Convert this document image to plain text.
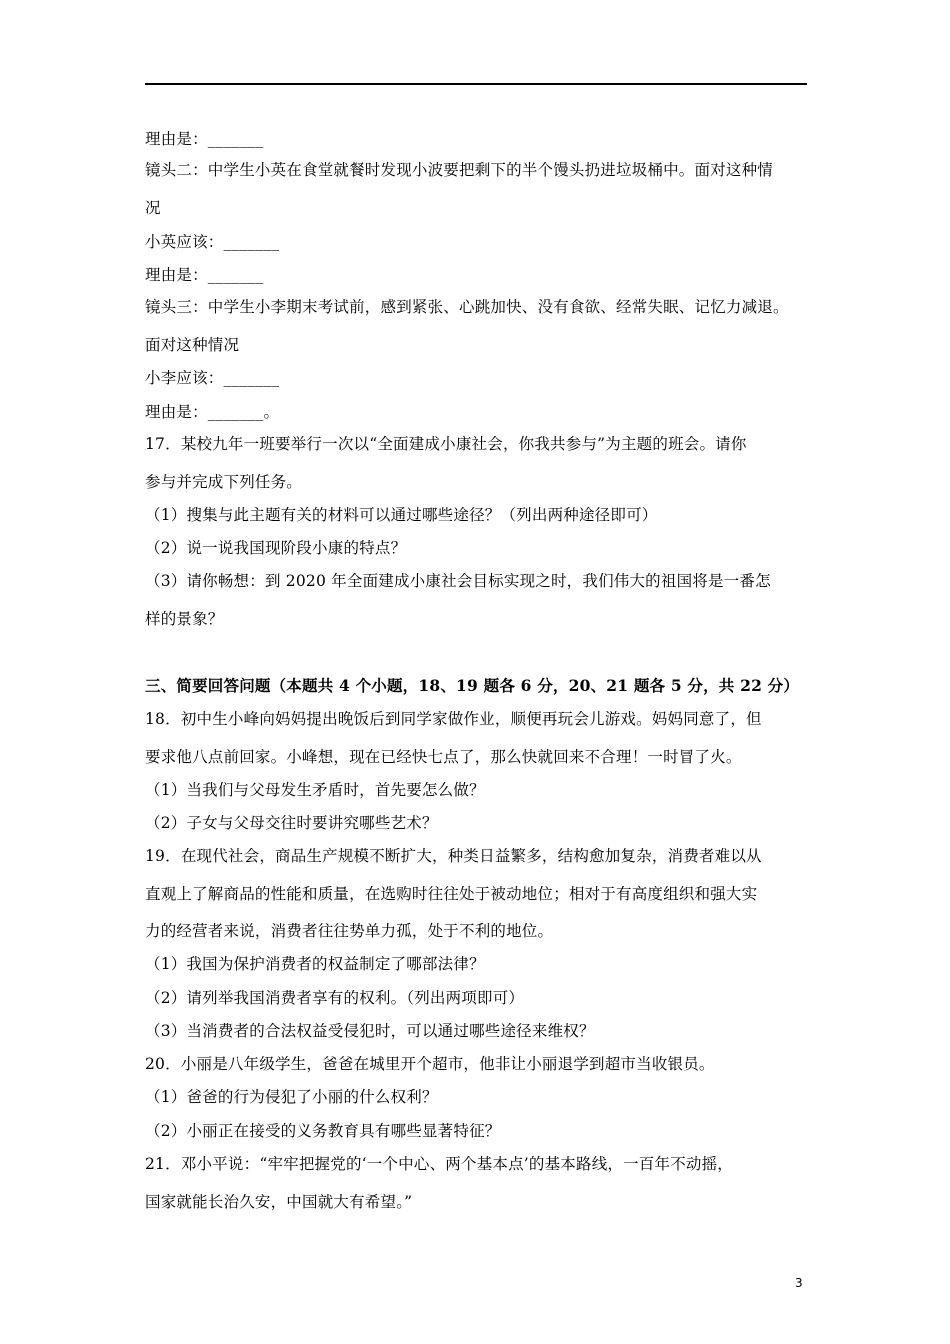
理由是：_______
镜头二：中学生小英在食堂就餐时发现小波要把剩下的半个馒头扔进垃圾桶中。面对这种情
况
小英应该：_______
理由是：_______
镜头三：中学生小李期末考试前，感到紧张、心跳加快、没有食欲、经常失眠、记忆力减退。
面对这种情况
小李应该：_______
理由是：_______。
17．某校九年一班要举行一次以“全面建成小康社会，你我共参与”为主题的班会。请你
参与并完成下列任务。
（1）搜集与此主题有关的材料可以通过哪些途径？（列出两种途径即可）
（2）说一说我国现阶段小康的特点？
（3）请你畅想：到 2020 年全面建成小康社会目标实现之时，我们伟大的祖国将是一番怎
样的景象？
三、简要回答问题（本题共 4 个小题，18、19 题各 6 分，20、21 题各 5 分，共 22 分）
18．初中生小峰向妈妈提出晚饭后到同学家做作业，顺便再玩会儿游戏。妈妈同意了，但
要求他八点前回家。小峰想，现在已经快七点了，那么快就回来不合理！一时冒了火。
（1）当我们与父母发生矛盾时，首先要怎么做？
（2）子女与父母交往时要讲究哪些艺术？
19．在现代社会，商品生产规模不断扩大，种类日益繁多，结构愈加复杂，消费者难以从
直观上了解商品的性能和质量，在选购时往往处于被动地位；相对于有高度组织和强大实
力的经营者来说，消费者往往势单力孤，处于不利的地位。
（1）我国为保护消费者的权益制定了哪部法律？
（2）请列举我国消费者享有的权利。（列出两项即可）
（3）当消费者的合法权益受侵犯时，可以通过哪些途径来维权？
20．小丽是八年级学生，爸爸在城里开个超市，他非让小丽退学到超市当收银员。
（1）爸爸的行为侵犯了小丽的什么权利？
（2）小丽正在接受的义务教育具有哪些显著特征？
21．邓小平说：“牢牢把握党的‘一个中心、两个基本点’的基本路线，一百年不动摇，
国家就能长治久安，中国就大有希望。”
3
